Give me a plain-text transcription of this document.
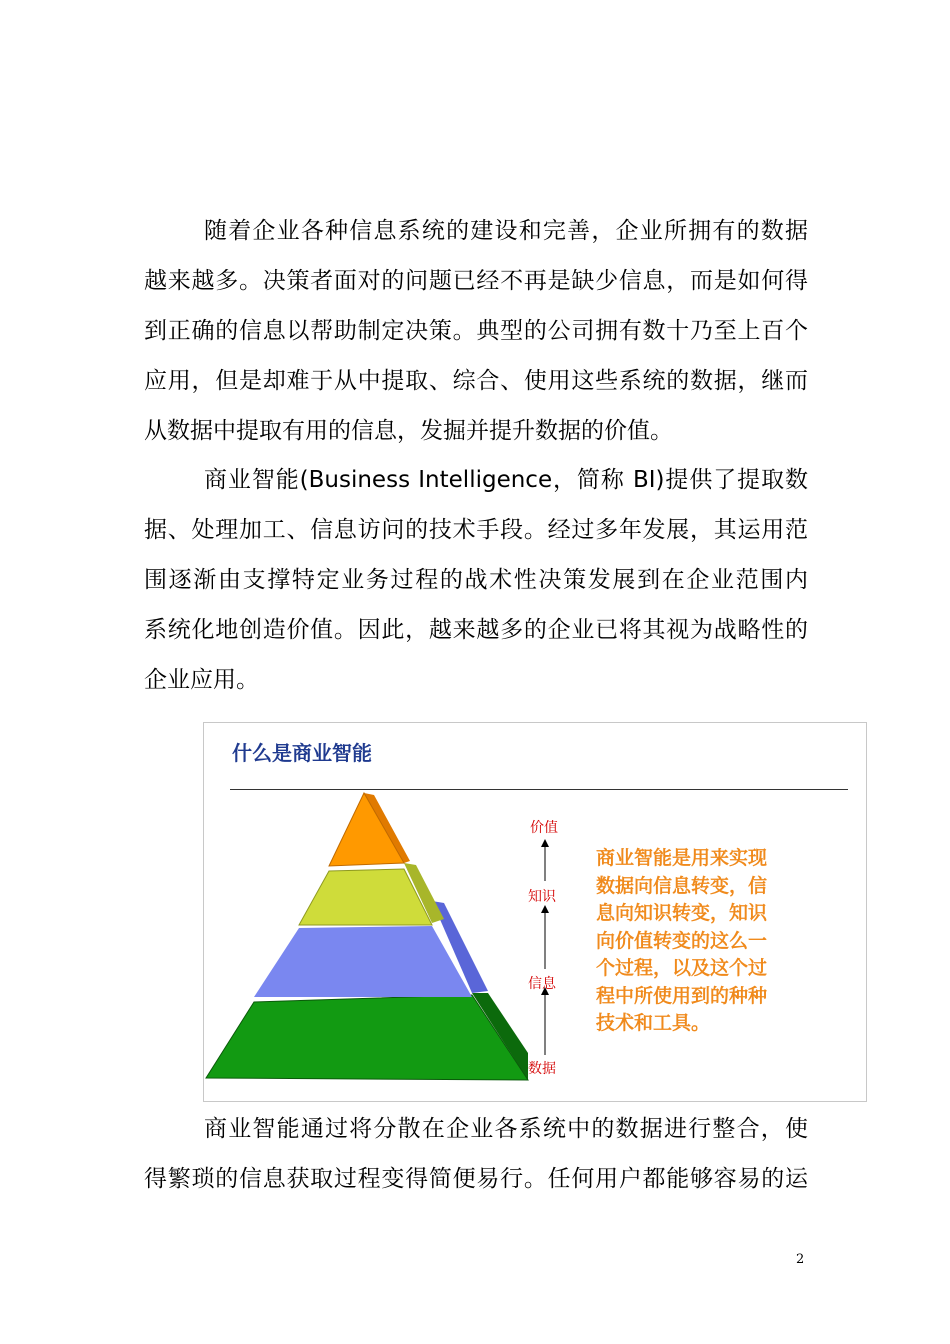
随着企业各种信息系统的建设和完善，企业所拥有的数据
越来越多。决策者面对的问题已经不再是缺少信息，而是如何得
到正确的信息以帮助制定决策。典型的公司拥有数十乃至上百个
应用，但是却难于从中提取、综合、使用这些系统的数据，继而
从数据中提取有用的信息，发掘并提升数据的价值。
商业智能(Business Intelligence，简称 BI)提供了提取数
据、处理加工、信息访问的技术手段。经过多年发展，其运用范
围逐渐由支撑特定业务过程的战术性决策发展到在企业范围内
系统化地创造价值。因此，越来越多的企业已将其视为战略性的
企业应用。
什么是商业智能
价值
知识
信息
数据
商业智能是用来实现
数据向信息转变，信
息向知识转变，知识
向价值转变的这么一
个过程，以及这个过
程中所使用到的种种
技术和工具。
商业智能通过将分散在企业各系统中的数据进行整合，使
得繁琐的信息获取过程变得简便易行。任何用户都能够容易的运
2
